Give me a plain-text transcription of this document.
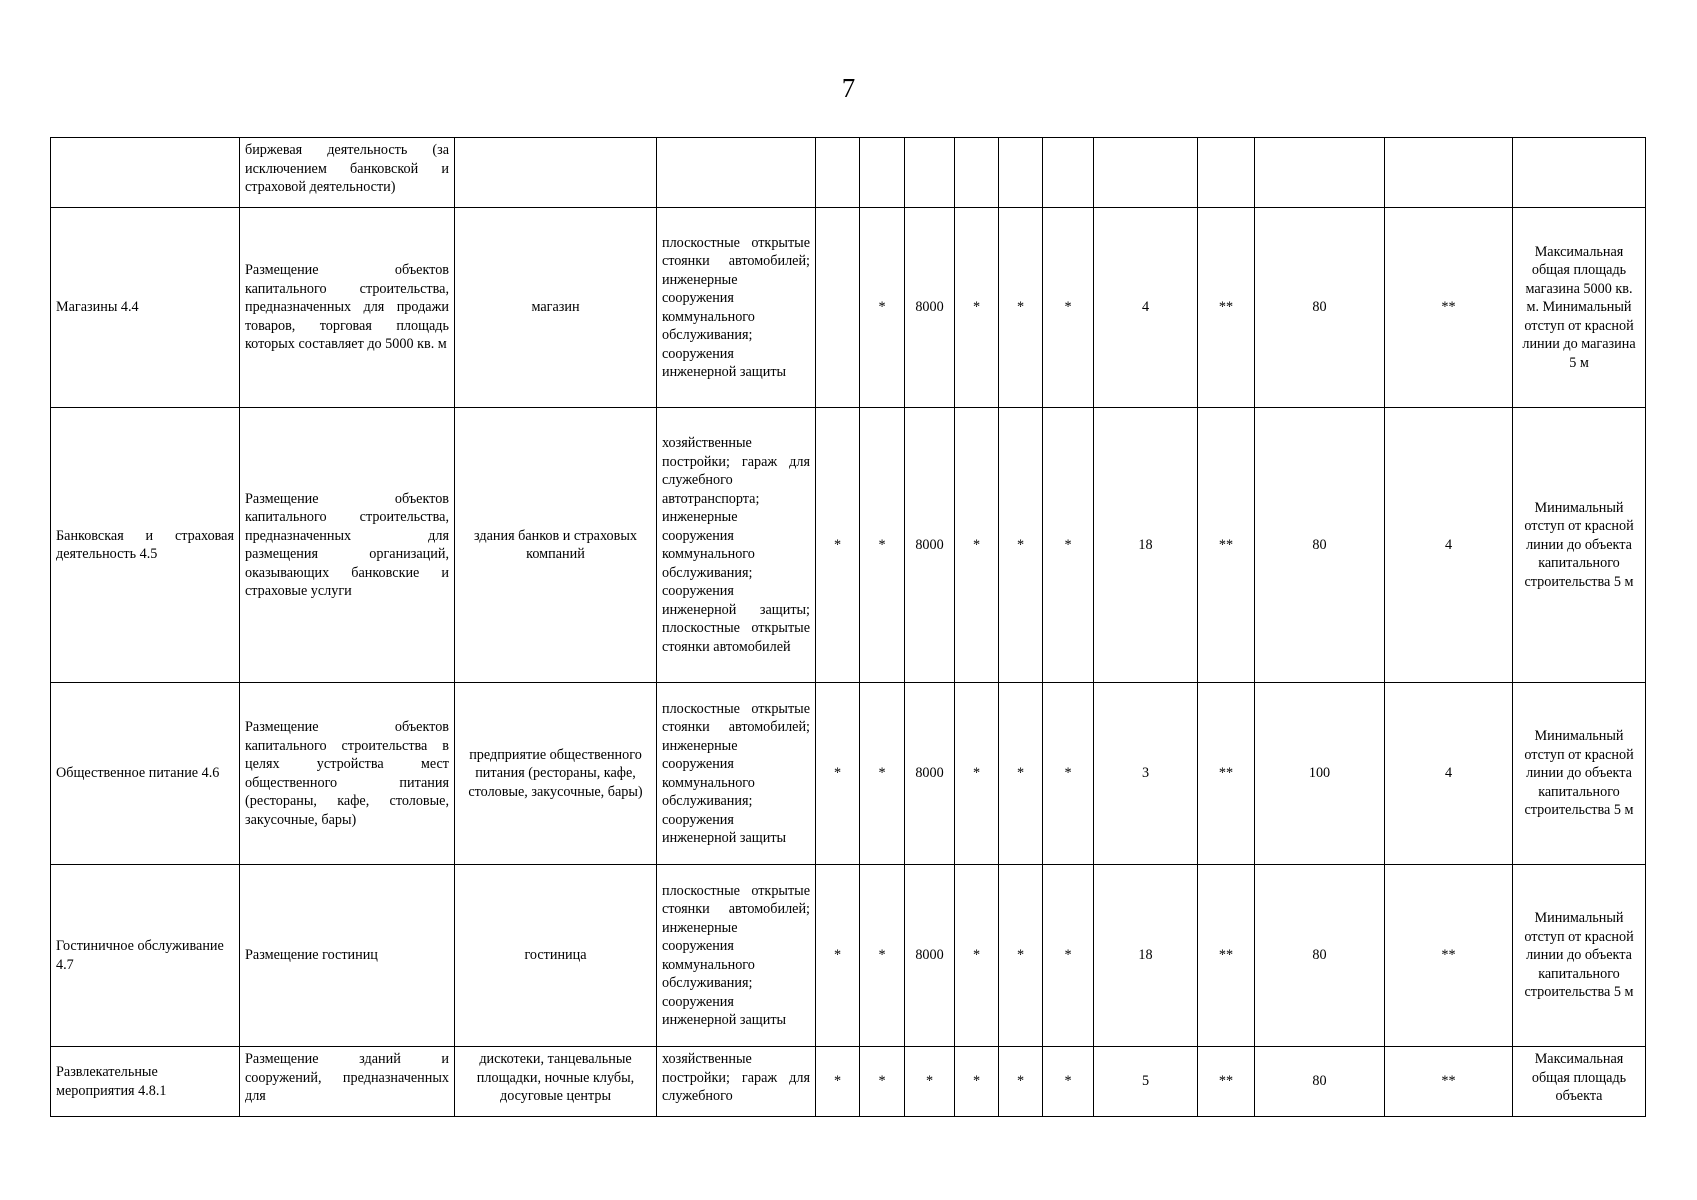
7
	биржевая деятельность (за исключением банковской и страховой деятельности)													
Магазины 4.4	Размещение объектов капитального строительства, предназначенных для продажи товаров, торговая площадь которых составляет до 5000 кв. м	магазин	плоскостные открытые стоянки автомобилей; инженерные сооружения коммунального обслуживания; сооружения инженерной защиты		*	8000	*	*	*	4	**	80	**	Максимальная общая площадь магазина 5000 кв. м. Минимальный отступ от красной линии до магазина 5 м
Банковская и страховая деятельность 4.5	Размещение объектов капитального строительства, предназначенных для размещения организаций, оказывающих банковские и страховые услуги	здания банков и страховых компаний	хозяйственные постройки; гараж для служебного автотранспорта; инженерные сооружения коммунального обслуживания; сооружения инженерной защиты; плоскостные открытые стоянки автомобилей	*	*	8000	*	*	*	18	**	80	4	Минимальный отступ от красной линии до объекта капитального строительства 5 м
Общественное питание 4.6	Размещение объектов капитального строительства в целях устройства мест общественного питания (рестораны, кафе, столовые, закусочные, бары)	предприятие общественного питания (рестораны, кафе, столовые, закусочные, бары)	плоскостные открытые стоянки автомобилей; инженерные сооружения коммунального обслуживания; сооружения инженерной защиты	*	*	8000	*	*	*	3	**	100	4	Минимальный отступ от красной линии до объекта капитального строительства 5 м
Гостиничное обслуживание 4.7	Размещение гостиниц	гостиница	плоскостные открытые стоянки автомобилей; инженерные сооружения коммунального обслуживания; сооружения инженерной защиты	*	*	8000	*	*	*	18	**	80	**	Минимальный отступ от красной линии до объекта капитального строительства 5 м
Развлекательные мероприятия 4.8.1	Размещение зданий и сооружений, предназначенных для	дискотеки, танцевальные площадки, ночные клубы, досуговые центры	хозяйственные постройки; гараж для служебного	*	*	*	*	*	*	5	**	80	**	Максимальная общая площадь объекта
